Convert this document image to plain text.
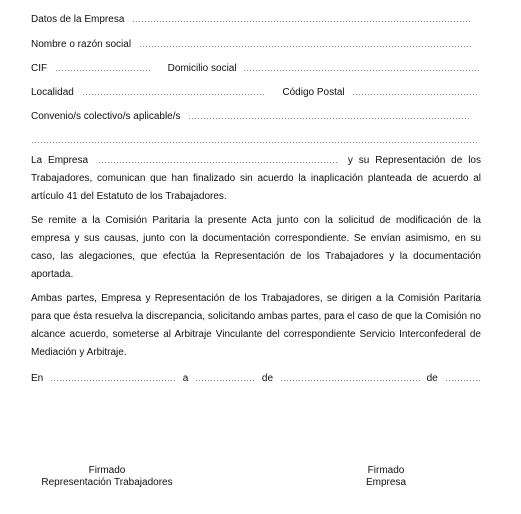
Datos de la Empresa
Nombre o razón social
CIF	Domicilio social
Localidad	Código Postal
Convenio/s colectivo/s aplicable/s

La Empresa	y su Representación de los Trabajadores, comunican que han finalizado sin acuerdo la inaplicación planteada de acuerdo al artículo 41 del Estatuto de los Trabajadores.

Se remite a la Comisión Paritaria la presente Acta junto con la solicitud de modificación de la empresa y sus causas, junto con la documentación correspondiente. Se envían asimismo, en su caso, las alegaciones, que efectúa la Representación de los Trabajadores y la documentación aportada.

Ambas partes, Empresa y Representación de los Trabajadores, se dirigen a la Comisión Paritaria para que ésta resuelva la discrepancia, solicitando ambas partes, para el caso de que la Comisión no alcance acuerdo, someterse al Arbitraje Vinculante del correspondiente Servicio Interconfederal de Mediación y Arbitraje.

En	a	de	de
Firmado
Representación Trabajadores
Firmado
Empresa
